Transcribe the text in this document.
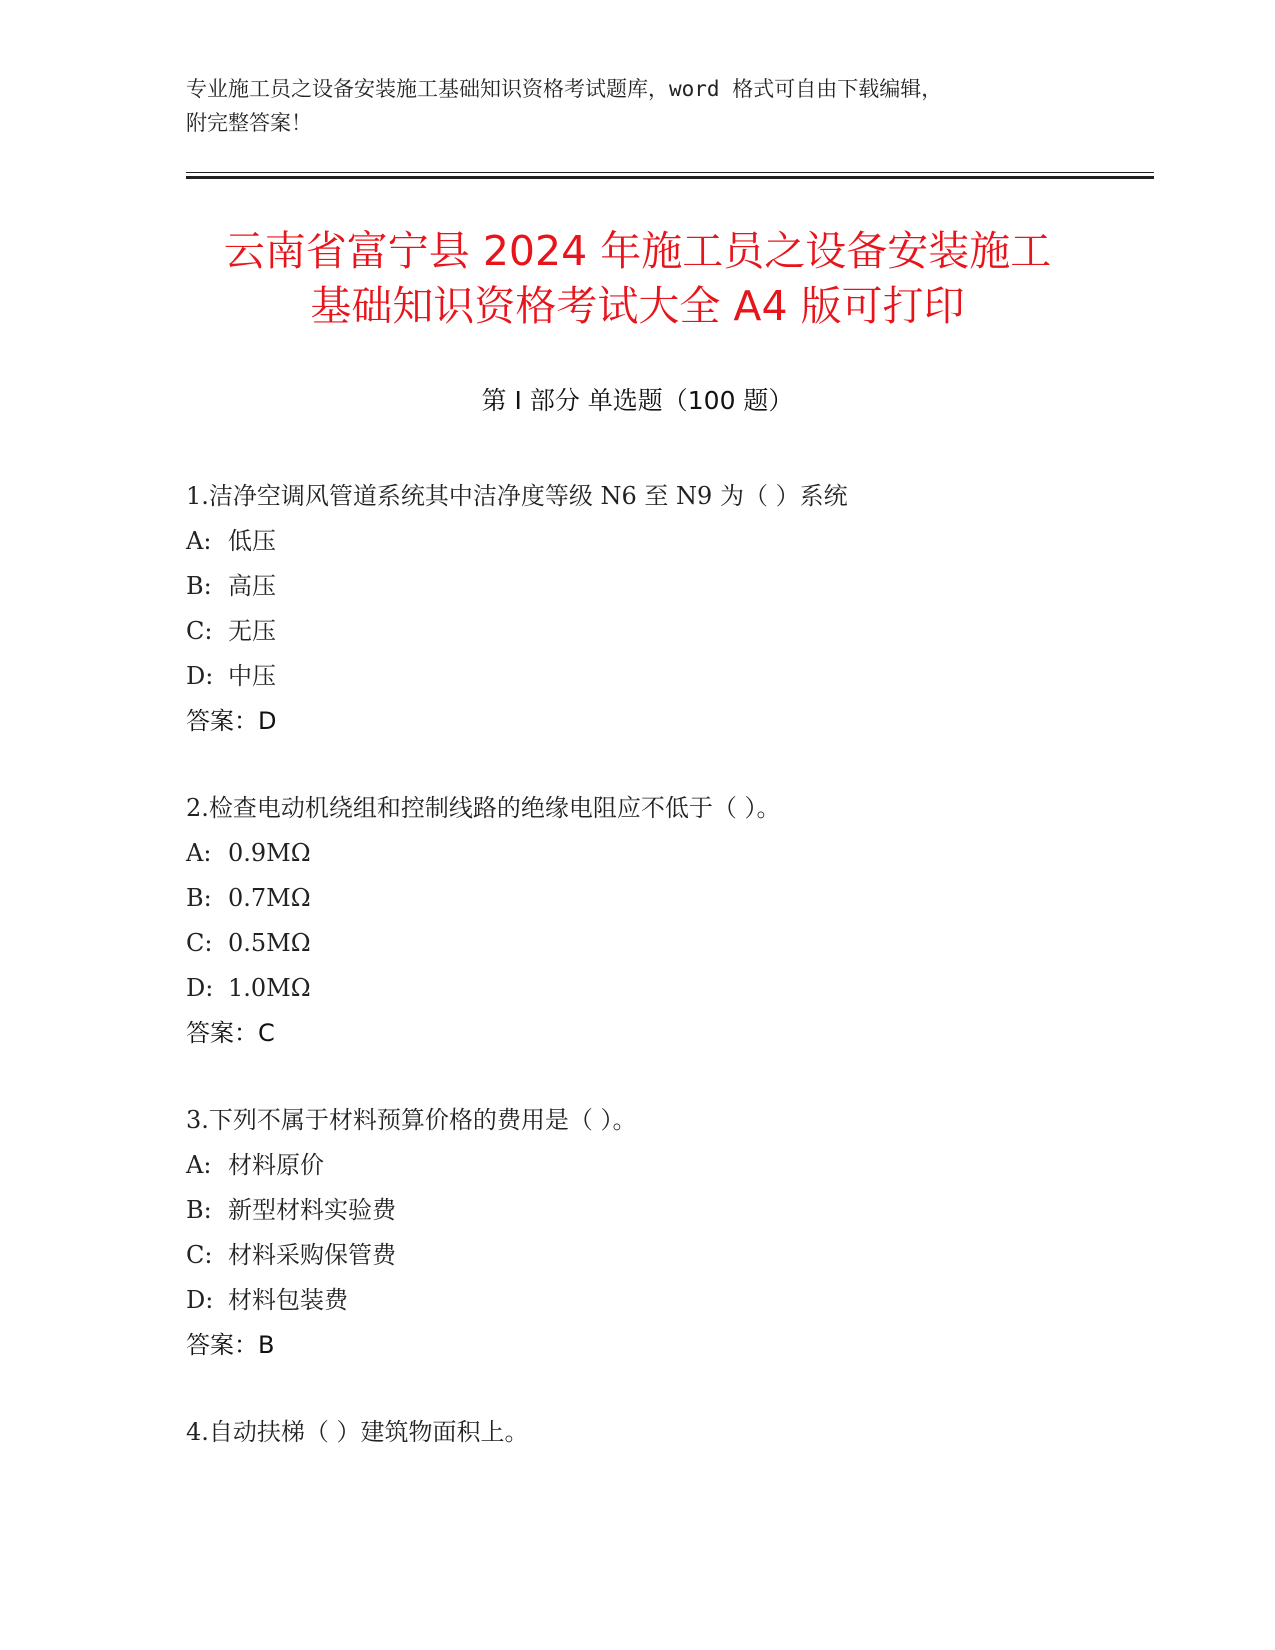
专业施工员之设备安装施工基础知识资格考试题库，word 格式可自由下载编辑，
附完整答案！
云南省富宁县 2024 年施工员之设备安装施工
基础知识资格考试大全 A4 版可打印
第 I 部分 单选题（100 题）
1.洁净空调风管道系统其中洁净度等级 N6 至 N9 为（ ）系统
A: 低压
B: 高压
C: 无压
D: 中压
答案：D
2.检查电动机绕组和控制线路的绝缘电阻应不低于（ ）。
A: 0.9MΩ
B: 0.7MΩ
C: 0.5MΩ
D: 1.0MΩ
答案：C
3.下列不属于材料预算价格的费用是（ ）。
A: 材料原价
B: 新型材料实验费
C: 材料采购保管费
D: 材料包装费
答案：B
4.自动扶梯（ ）建筑物面积上。
